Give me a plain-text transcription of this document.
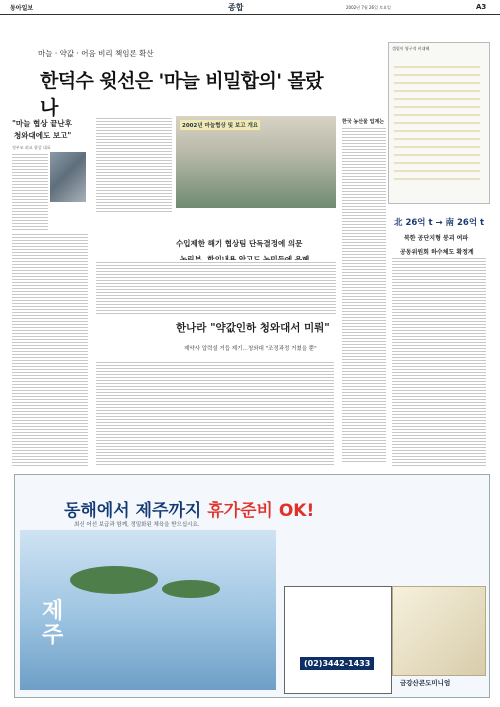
동아일보	종합	2002년 7월 26일 토요일	A3
마늘 · 약값 · 어음 비리 책임론 확산
한덕수 윗선은 '마늘 비밀합의' 몰랐나
"마늘 협상 끝난후
청와대에도 보고"
정부조 외교 협상 대표
2002년 마늘협상 및 보고 개요
수입제한 해기 협상팀 단독결정에 의문
한국 농산물 업계는
갤럽이 영구적 비대해
北 26억 t → 南 26억 t
북한 공단지형 붕괴 여파
공동위원회 하수체도 확정계
한나라 "약값인하 청와대서 미뤄"
제약사 압력설 거듭 제기…청와대 "조정과정 거쳤을 뿐"
동해에서 제주까지 휴가준비 OK!
최신 어선 보급과 함께, 정밀화된 체육을 받으십시요.
제주
(02)3442-1433
금강산콘도미니엄
